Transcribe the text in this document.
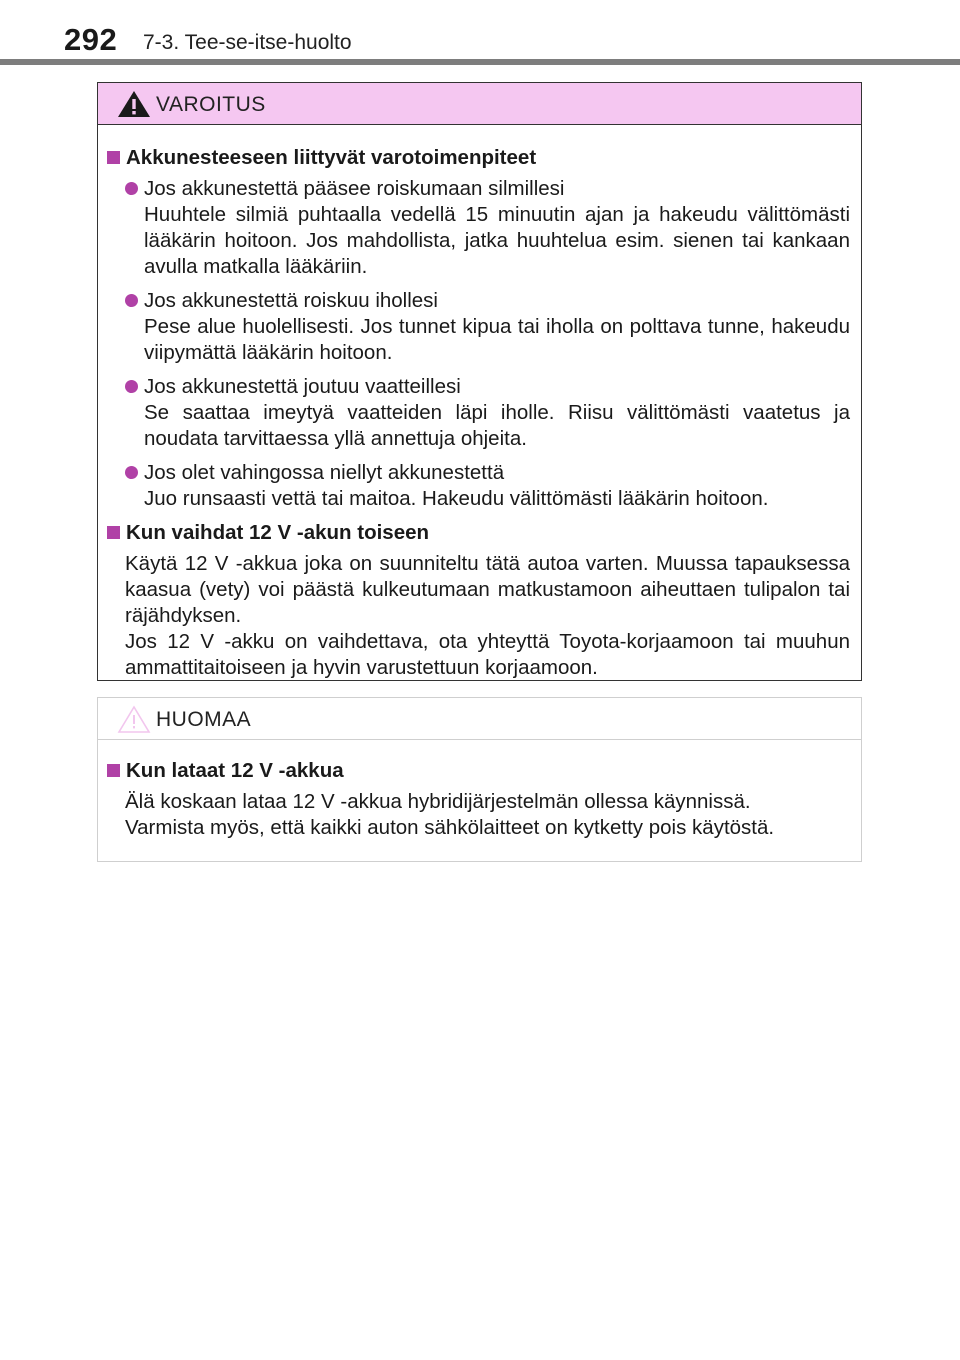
292 7-3. Tee-se-itse-huolto
VAROITUS
Akkunesteeseen liittyvät varotoimenpiteet
Jos akkunestettä pääsee roiskumaan silmillesi
Huuhtele silmiä puhtaalla vedellä 15 minuutin ajan ja hakeudu välittömästi lääkärin hoitoon. Jos mahdollista, jatka huuhtelua esim. sienen tai kankaan avulla matkalla lääkäriin.
Jos akkunestettä roiskuu ihollesi
Pese alue huolellisesti. Jos tunnet kipua tai iholla on polttava tunne, hakeudu viipymättä lääkärin hoitoon.
Jos akkunestettä joutuu vaatteillesi
Se saattaa imeytyä vaatteiden läpi iholle. Riisu välittömästi vaatetus ja noudata tarvittaessa yllä annettuja ohjeita.
Jos olet vahingossa niellyt akkunestettä
Juo runsaasti vettä tai maitoa. Hakeudu välittömästi lääkärin hoitoon.
Kun vaihdat 12 V -akun toiseen
Käytä 12 V -akkua joka on suunniteltu tätä autoa varten. Muussa tapauksessa kaasua (vety) voi päästä kulkeutumaan matkustamoon aiheuttaen tulipalon tai räjähdyksen.
Jos 12 V -akku on vaihdettava, ota yhteyttä Toyota-korjaamoon tai muuhun ammattitaitoiseen ja hyvin varustettuun korjaamoon.
HUOMAA
Kun lataat 12 V -akkua
Älä koskaan lataa 12 V -akkua hybridijärjestelmän ollessa käynnissä.
Varmista myös, että kaikki auton sähkölaitteet on kytketty pois käytöstä.
